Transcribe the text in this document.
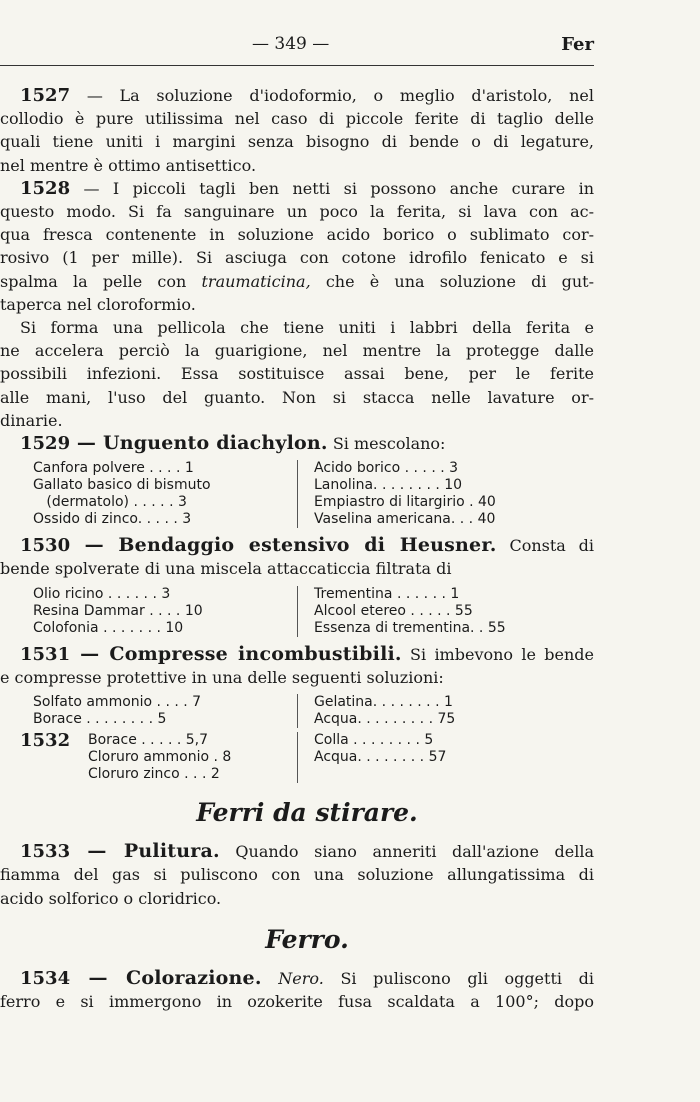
— 349 —	Fer
1527 — La soluzione d'iodoformio, o meglio d'aristolo, nel
collodio è pure utilissima nel caso di piccole ferite di taglio delle
quali tiene uniti i margini senza bisogno di bende o di legature,
nel mentre è ottimo antisettico.
1528 — I piccoli tagli ben netti si possono anche curare in
questo modo. Si fa sanguinare un poco la ferita, si lava con ac-
qua fresca contenente in soluzione acido borico o sublimato cor-
rosivo (1 per mille). Si asciuga con cotone idrofilo fenicato e si
spalma la pelle con traumaticina, che è una soluzione di gut-
taperca nel cloroformio.
Si forma una pellicola che tiene uniti i labbri della ferita e
ne accelera perciò la guarigione, nel mentre la protegge dalle
possibili infezioni. Essa sostituisce assai bene, per le ferite
alle mani, l'uso del guanto. Non si stacca nelle lavature or-
dinarie.
1529 — Unguento diachylon. Si mescolano:
Canfora polvere . . . . 1	Acido borico . . . . . 3
Gallato basico di bismuto	Lanolina. . . . . . . . 10
(dermatolo) . . . . . 3	Empiastro di litargirio . 40
Ossido di zinco. . . . . 3	Vaselina americana. . . 40
1530 — Bendaggio estensivo di Heusner. Consta di
bende spolverate di una miscela attaccaticcia filtrata di
Olio ricino . . . . . . 3	Trementina . . . . . . 1
Resina Dammar . . . . 10	Alcool etereo . . . . . 55
Colofonia . . . . . . . 10	Essenza di trementina. . 55
1531 — Compresse incombustibili. Si imbevono le bende
e compresse protettive in una delle seguenti soluzioni:
Solfato ammonio . . . . 7	Gelatina. . . . . . . . 1
Borace . . . . . . . . 5	Acqua. . . . . . . . . 75
1532 Borace . . . . . 5,7	Colla . . . . . . . . 5
Cloruro ammonio . 8	Acqua. . . . . . . . 57
Cloruro zinco . . . 2
Ferri da stirare.
1533 — Pulitura. Quando siano anneriti dall'azione della
fiamma del gas si puliscono con una soluzione allungatissima di
acido solforico o cloridrico.
Ferro.
1534 — Colorazione. Nero. Si puliscono gli oggetti di
ferro e si immergono in ozokerite fusa scaldata a 100°; dopo
